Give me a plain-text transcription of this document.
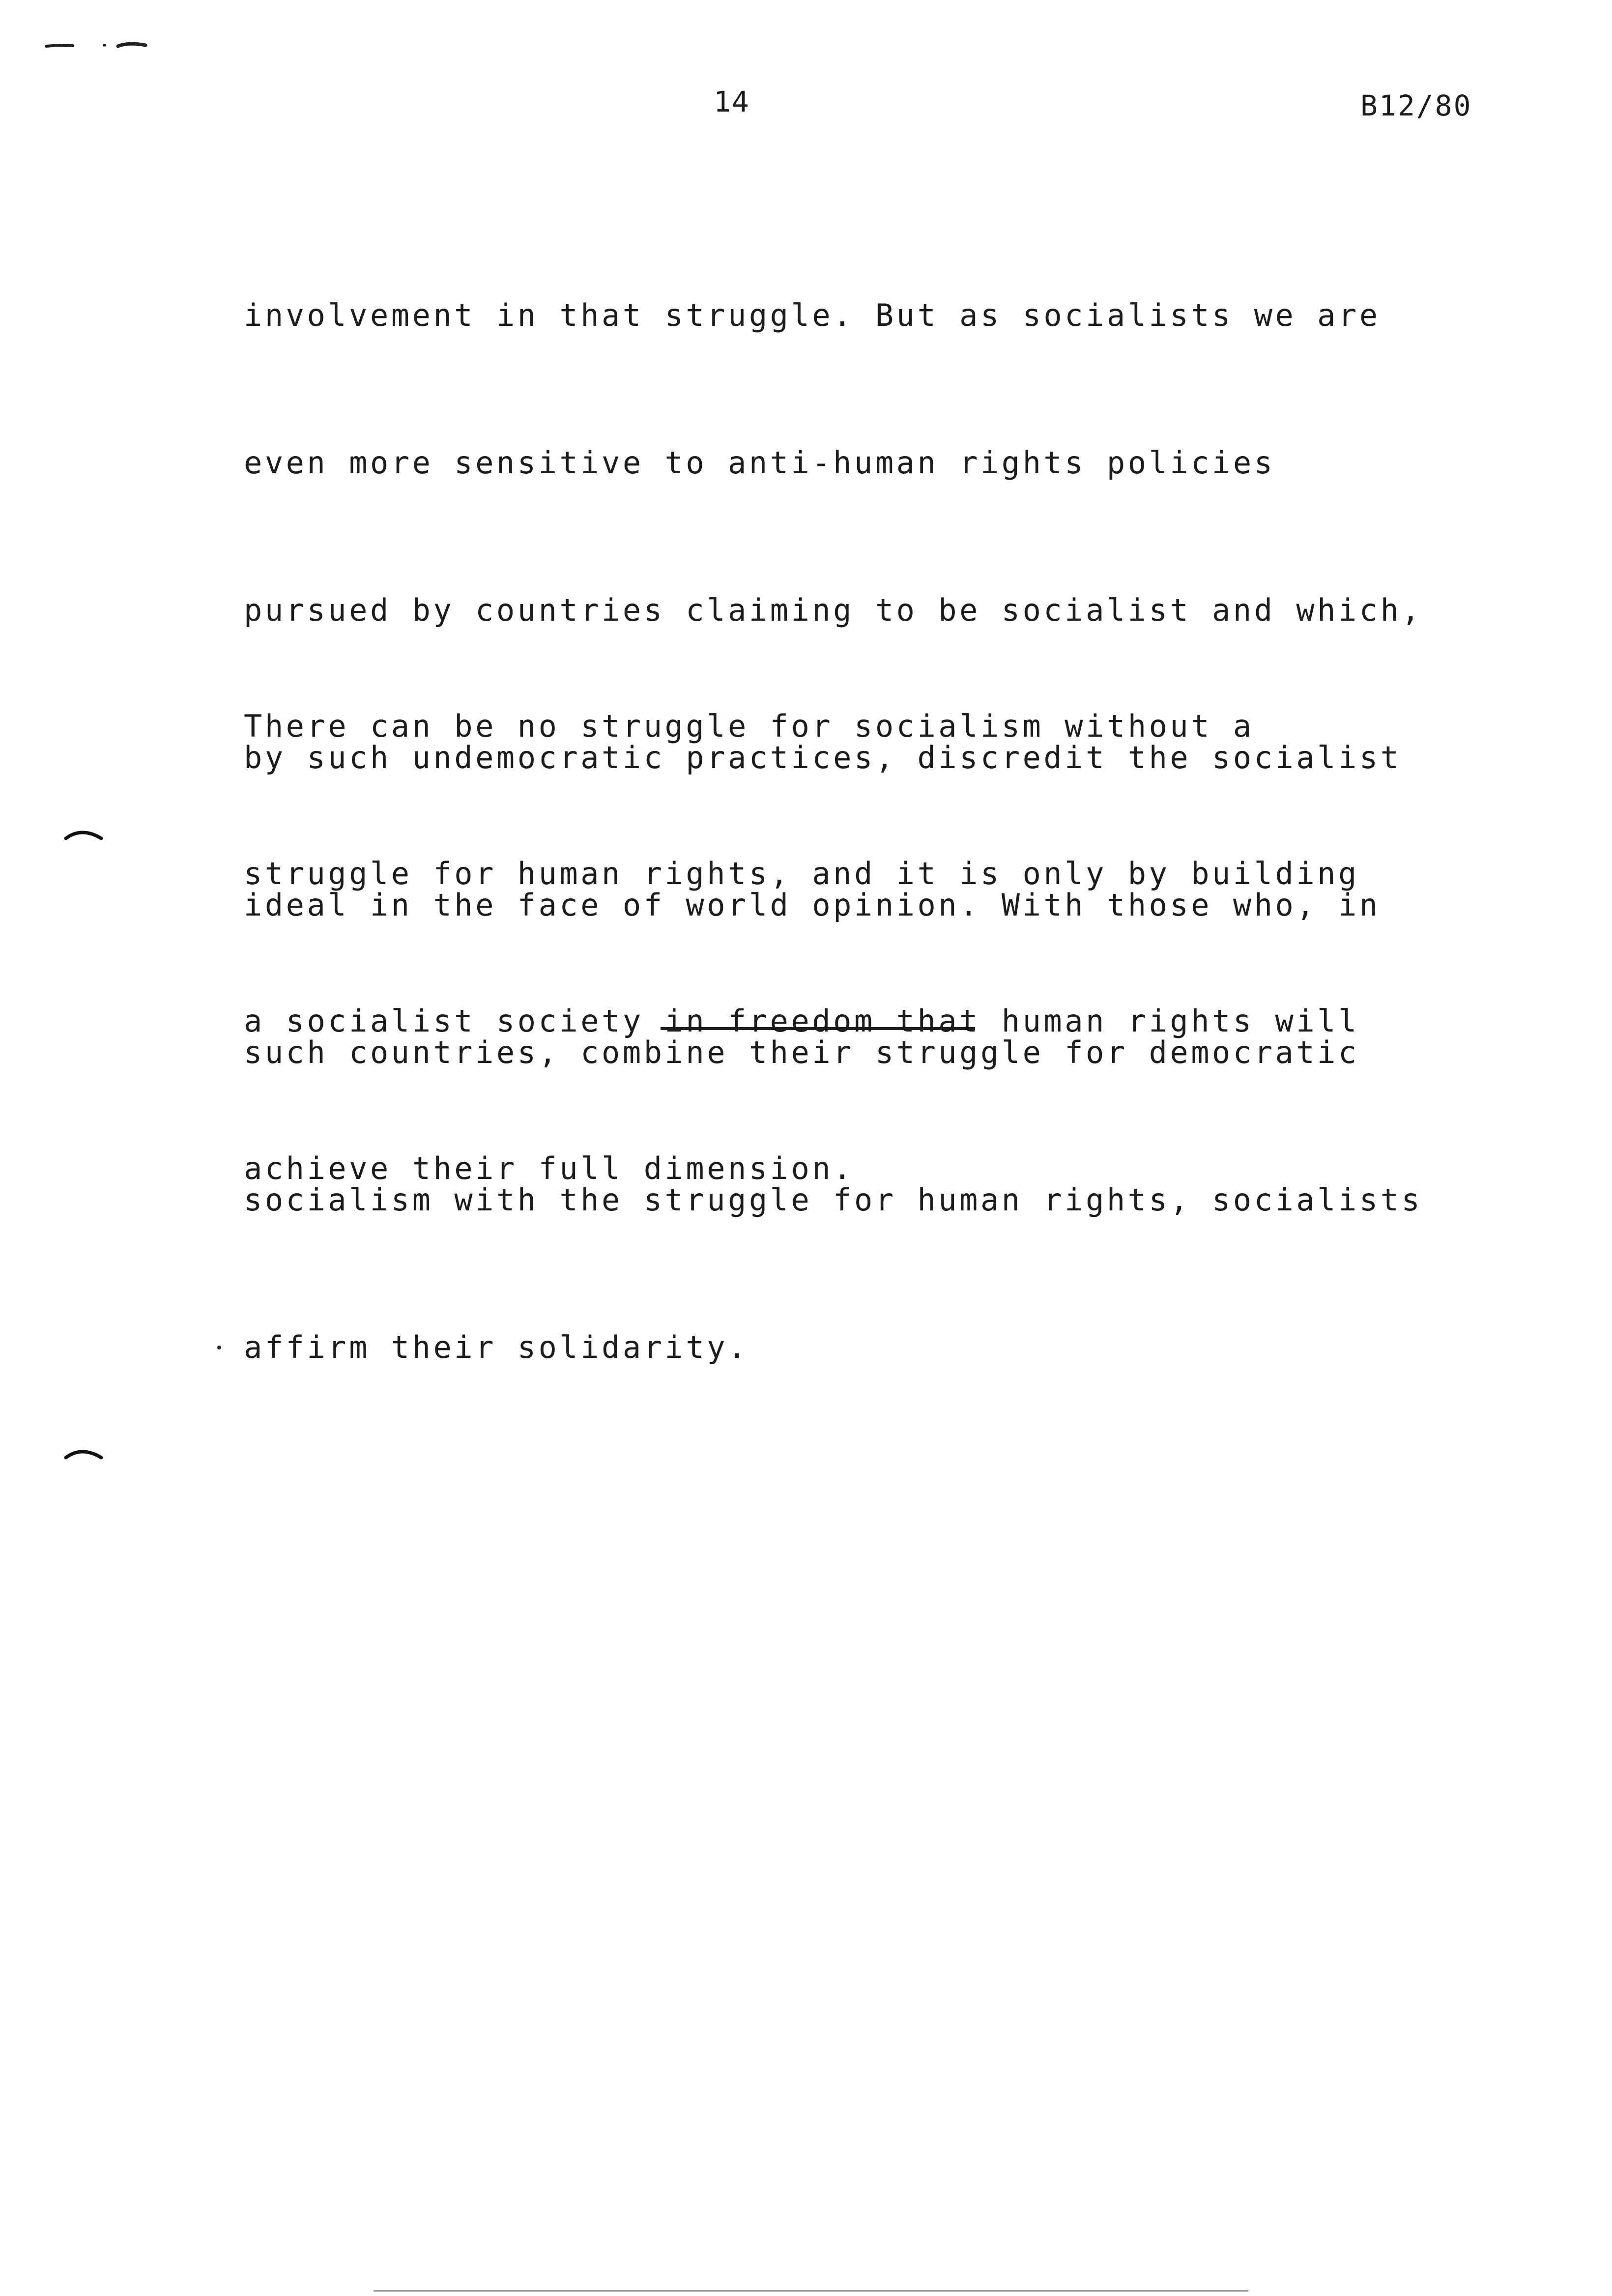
14	B12/80

involvement in that struggle. But as socialists we are

even more sensitive to anti-human rights policies

pursued by countries claiming to be socialist and which,

by such undemocratic practices, discredit the socialist

ideal in the face of world opinion. With those who, in

such countries, combine their struggle for democratic

socialism with the struggle for human rights, socialists

affirm their solidarity.

There can be no struggle for socialism without a

struggle for human rights, and it is only by building

a socialist society in freedom that human rights will

achieve their full dimension.
